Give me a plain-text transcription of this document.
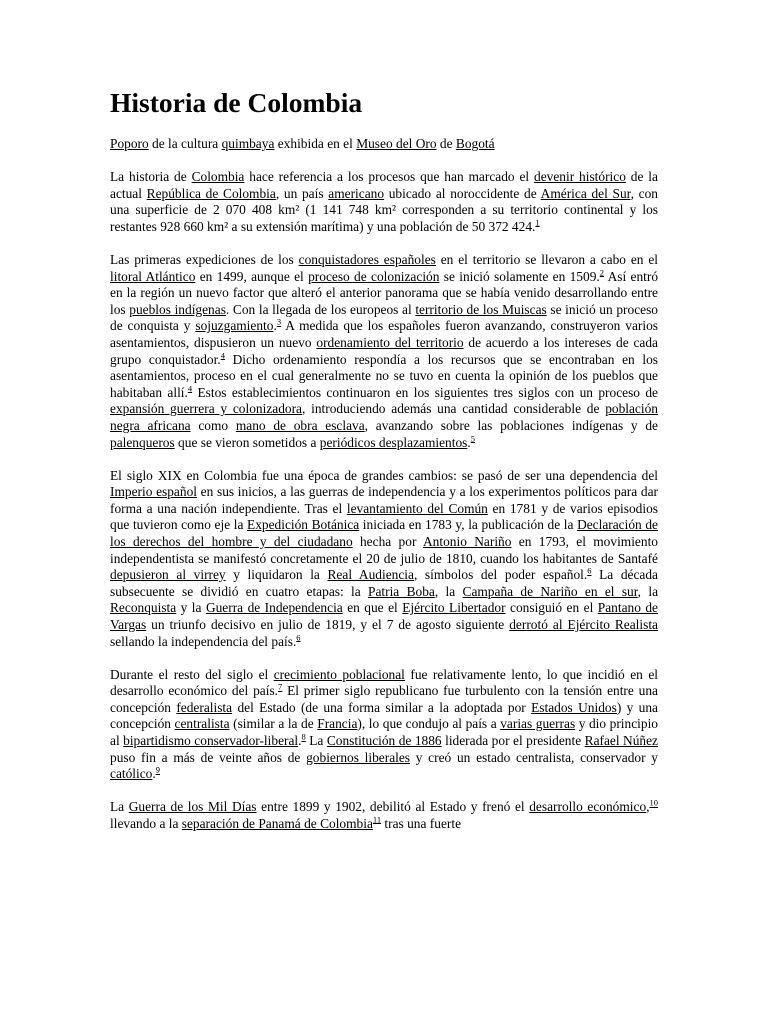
Historia de Colombia

Poporo de la cultura quimbaya exhibida en el Museo del Oro de Bogotá

La historia de Colombia hace referencia a los procesos que han marcado el devenir histórico de la actual República de Colombia, un país americano ubicado al noroccidente de América del Sur, con una superficie de 2 070 408 km² (1 141 748 km² corresponden a su territorio continental y los restantes 928 660 km² a su extensión marítima) y una población de 50 372 424.$^1$

Las primeras expediciones de los conquistadores españoles en el territorio se llevaron a cabo en el litoral Atlántico en 1499, aunque el proceso de colonización se inició solamente en 1509.$^2$ Así entró en la región un nuevo factor que alteró el anterior panorama que se había venido desarrollando entre los pueblos indígenas. Con la llegada de los europeos al territorio de los Muiscas se inició un proceso de conquista y sojuzgamiento.$^3$ A medida que los españoles fueron avanzando, construyeron varios asentamientos, dispusieron un nuevo ordenamiento del territorio de acuerdo a los intereses de cada grupo conquistador.$^4$ Dicho ordenamiento respondía a los recursos que se encontraban en los asentamientos, proceso en el cual generalmente no se tuvo en cuenta la opinión de los pueblos que habitaban allí.$^4$ Estos establecimientos continuaron en los siguientes tres siglos con un proceso de expansión guerrera y colonizadora, introduciendo además una cantidad considerable de población negra africana como mano de obra esclava, avanzando sobre las poblaciones indígenas y de palenqueros que se vieron sometidos a periódicos desplazamientos.$^5$

El siglo XIX en Colombia fue una época de grandes cambios: se pasó de ser una dependencia del Imperio español en sus inicios, a las guerras de independencia y a los experimentos políticos para dar forma a una nación independiente. Tras el levantamiento del Común en 1781 y de varios episodios que tuvieron como eje la Expedición Botánica iniciada en 1783 y, la publicación de la Declaración de los derechos del hombre y del ciudadano hecha por Antonio Nariño en 1793, el movimiento independentista se manifestó concretamente el 20 de julio de 1810, cuando los habitantes de Santafé depusieron al virrey y liquidaron la Real Audiencia, símbolos del poder español.$^6$ La década subsecuente se dividió en cuatro etapas: la Patria Boba, la Campaña de Nariño en el sur, la Reconquista y la Guerra de Independencia en que el Ejército Libertador consiguió en el Pantano de Vargas un triunfo decisivo en julio de 1819, y el 7 de agosto siguiente derrotó al Ejército Realista sellando la independencia del país.$^6$

Durante el resto del siglo el crecimiento poblacional fue relativamente lento, lo que incidió en el desarrollo económico del país.$^7$ El primer siglo republicano fue turbulento con la tensión entre una concepción federalista del Estado (de una forma similar a la adoptada por Estados Unidos) y una concepción centralista (similar a la de Francia), lo que condujo al país a varias guerras y dio principio al bipartidismo conservador-liberal.$^8$ La Constitución de 1886 liderada por el presidente Rafael Núñez puso fin a más de veinte años de gobiernos liberales y creó un estado centralista, conservador y católico.$^9$

La Guerra de los Mil Días entre 1899 y 1902, debilitó al Estado y frenó el desarrollo económico,$^{10}$ llevando a la separación de Panamá de Colombia$^{11}$ tras una fuerte
